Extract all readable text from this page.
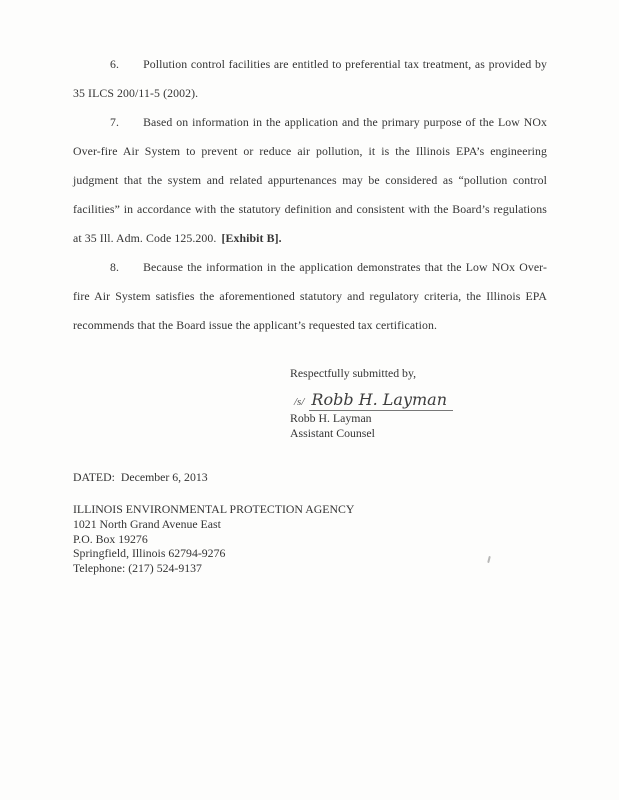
6. Pollution control facilities are entitled to preferential tax treatment, as provided by 35 ILCS 200/11-5 (2002).

7. Based on information in the application and the primary purpose of the Low NOx Over-fire Air System to prevent or reduce air pollution, it is the Illinois EPA’s engineering judgment that the system and related appurtenances may be considered as “pollution control facilities” in accordance with the statutory definition and consistent with the Board’s regulations at 35 Ill. Adm. Code 125.200. [Exhibit B].

8. Because the information in the application demonstrates that the Low NOx Over-fire Air System satisfies the aforementioned statutory and regulatory criteria, the Illinois EPA recommends that the Board issue the applicant’s requested tax certification.

Respectfully submitted by,

/s/ Robb H. Layman

Robb H. Layman

Assistant Counsel

DATED:  December 6, 2013

ILLINOIS ENVIRONMENTAL PROTECTION AGENCY

1021 North Grand Avenue East

P.O. Box 19276

Springfield, Illinois 62794-9276

Telephone: (217) 524-9137
